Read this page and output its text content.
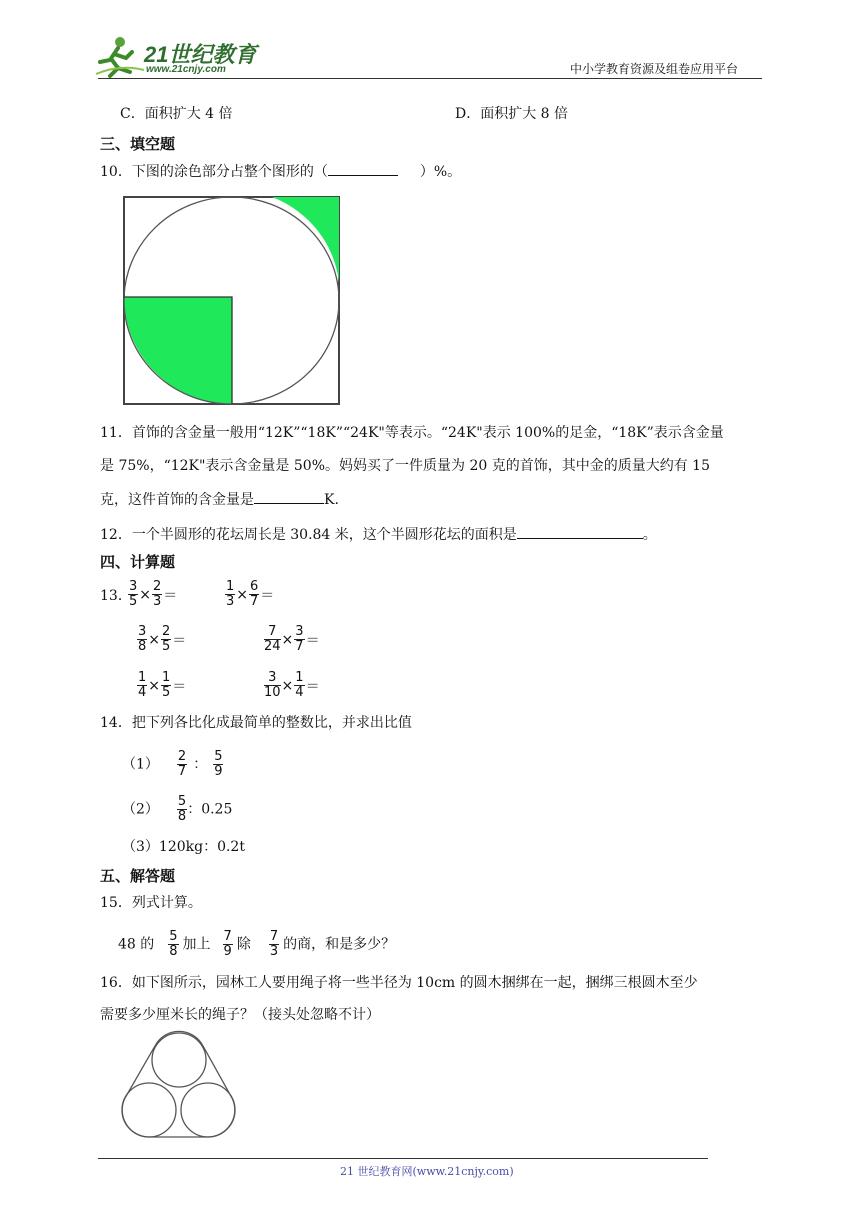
21世纪教育
www.21cnjy.com	中小学教育资源及组卷应用平台
C．面积扩大 4 倍	D．面积扩大 8 倍
三、填空题
10．下图的涂色部分占整个图形的（	）%。
11．首饰的含金量一般用“12K”“18K”“24K"等表示。“24K"表示 100%的足金，“18K”表示含金量
是 75%，“12K"表示含金量是 50%。妈妈买了一件质量为 20 克的首饰，其中金的质量大约有 15
克，这件首饰的含金量是	K.
12．一个半圆形的花坛周长是 30.84 米，这个半圆形花坛的面积是	。
四、计算题
13．
$\frac{3}{5} \times \frac{2}{3}$ ＝	$\frac{1}{3} \times \frac{6}{7}$ ＝
$\frac{3}{8} \times \frac{2}{5}$ ＝	$\frac{7}{24} \times \frac{3}{7}$ ＝
$\frac{1}{4} \times \frac{1}{5}$ ＝	$\frac{3}{10} \times \frac{1}{4}$ ＝
14．把下列各比化成最简单的整数比，并求出比值
$(1) \frac{2}{7}$ ： $\frac{5}{9}$
$(2) \frac{5}{8}$ ：0.25
（3）120kg：0.2t
五、解答题
15．列式计算。
48 的 $\frac{5}{8}$ 加上 $\frac{7}{9}$ 除 $\frac{7}{3}$ 的商，和是多少？
16．如下图所示，园林工人要用绳子将一些半径为 10cm 的圆木捆绑在一起，捆绑三根圆木至少
需要多少厘米长的绳子？（接头处忽略不计）
21 世纪教育网(www.21cnjy.com)
